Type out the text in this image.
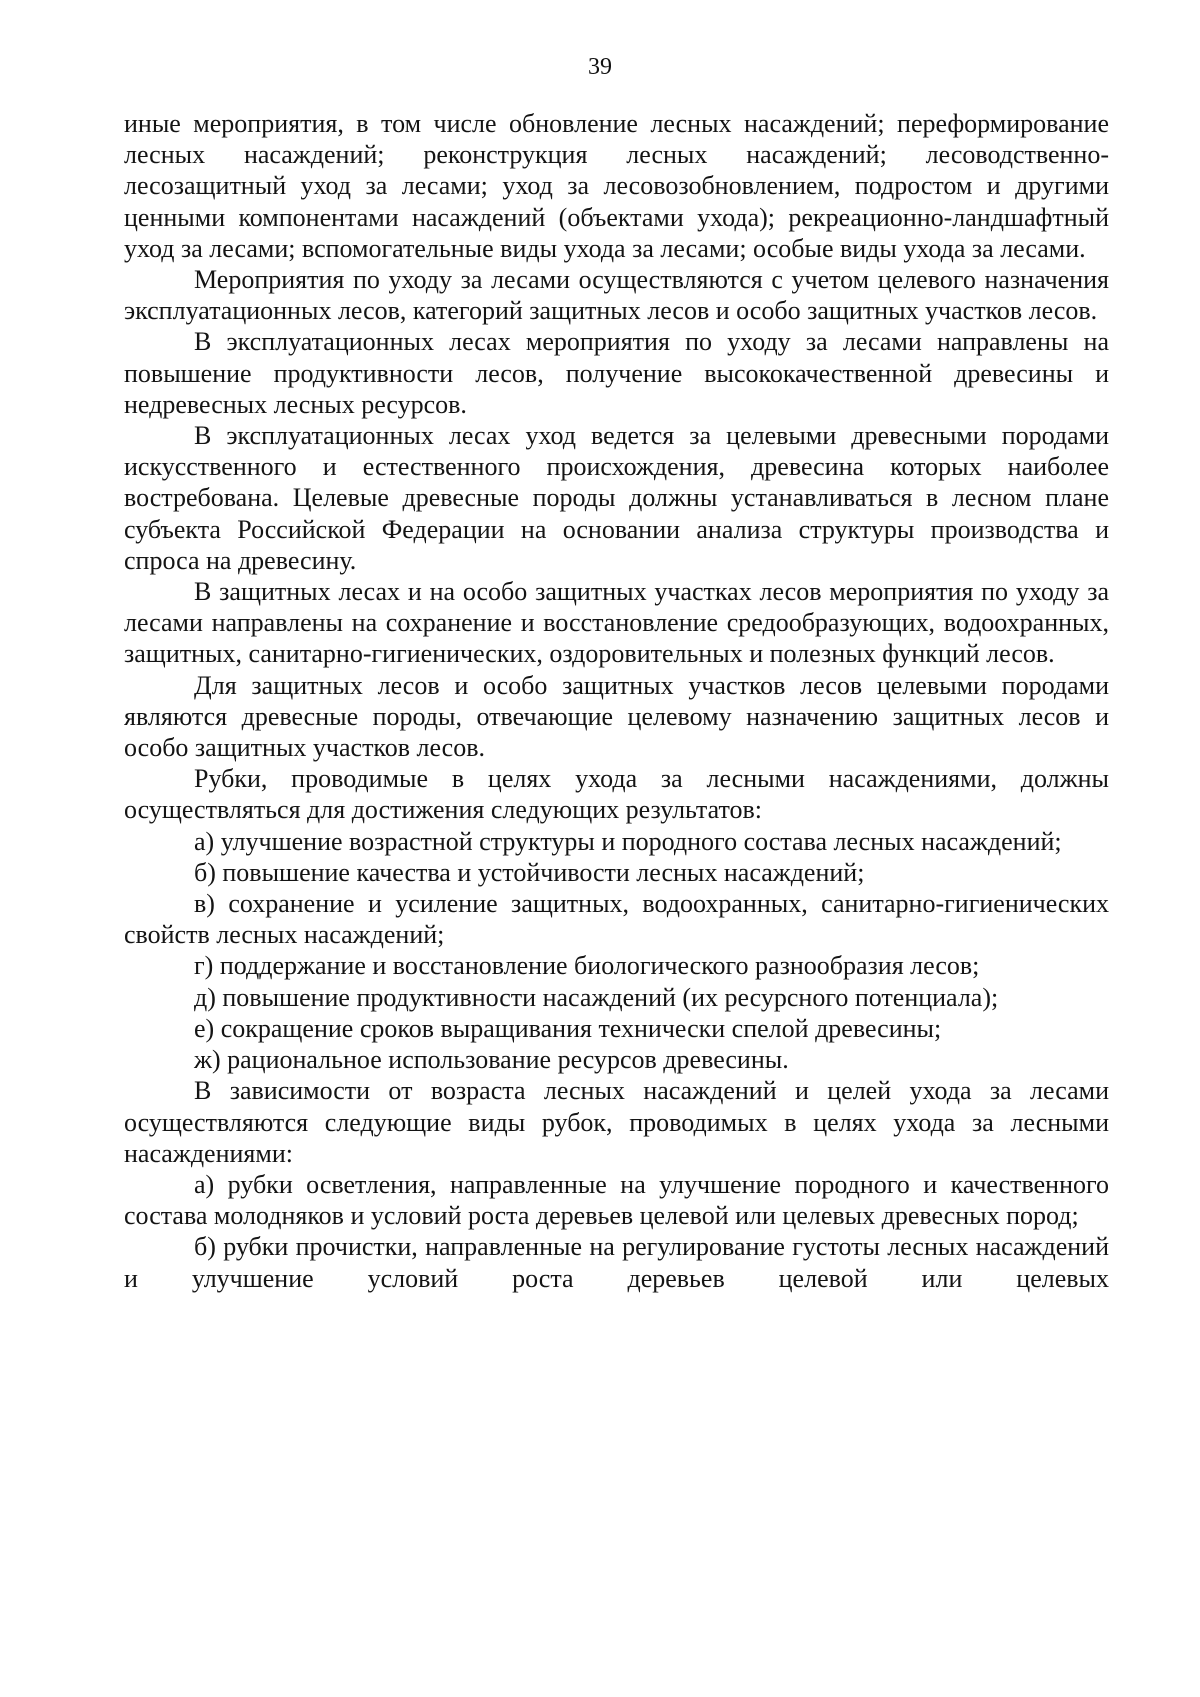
39

иные мероприятия, в том числе обновление лесных насаждений; переформирование лесных насаждений; реконструкция лесных насаждений; лесоводственно-лесозащитный уход за лесами; уход за лесовозобновлением, подростом и другими ценными компонентами насаждений (объектами ухода); рекреационно-ландшафтный уход за лесами; вспомогательные виды ухода за лесами; особые виды ухода за лесами.

Мероприятия по уходу за лесами осуществляются с учетом целевого назначения эксплуатационных лесов, категорий защитных лесов и особо защитных участков лесов.

В эксплуатационных лесах мероприятия по уходу за лесами направлены на повышение продуктивности лесов, получение высококачественной древесины и недревесных лесных ресурсов.

В эксплуатационных лесах уход ведется за целевыми древесными породами искусственного и естественного происхождения, древесина которых наиболее востребована. Целевые древесные породы должны устанавливаться в лесном плане субъекта Российской Федерации на основании анализа структуры производства и спроса на древесину.

В защитных лесах и на особо защитных участках лесов мероприятия по уходу за лесами направлены на сохранение и восстановление средообразующих, водоохранных, защитных, санитарно-гигиенических, оздоровительных и полезных функций лесов.

Для защитных лесов и особо защитных участков лесов целевыми породами являются древесные породы, отвечающие целевому назначению защитных лесов и особо защитных участков лесов.

Рубки, проводимые в целях ухода за лесными насаждениями, должны осуществляться для достижения следующих результатов:

а) улучшение возрастной структуры и породного состава лесных насаждений;

б) повышение качества и устойчивости лесных насаждений;

в) сохранение и усиление защитных, водоохранных, санитарно-гигиенических свойств лесных насаждений;

г) поддержание и восстановление биологического разнообразия лесов;

д) повышение продуктивности насаждений (их ресурсного потенциала);

е) сокращение сроков выращивания технически спелой древесины;

ж) рациональное использование ресурсов древесины.

В зависимости от возраста лесных насаждений и целей ухода за лесами осуществляются следующие виды рубок, проводимых в целях ухода за лесными насаждениями:

а) рубки осветления, направленные на улучшение породного и качественного состава молодняков и условий роста деревьев целевой или целевых древесных пород;

б) рубки прочистки, направленные на регулирование густоты лесных насаждений и улучшение условий роста деревьев целевой или целевых
